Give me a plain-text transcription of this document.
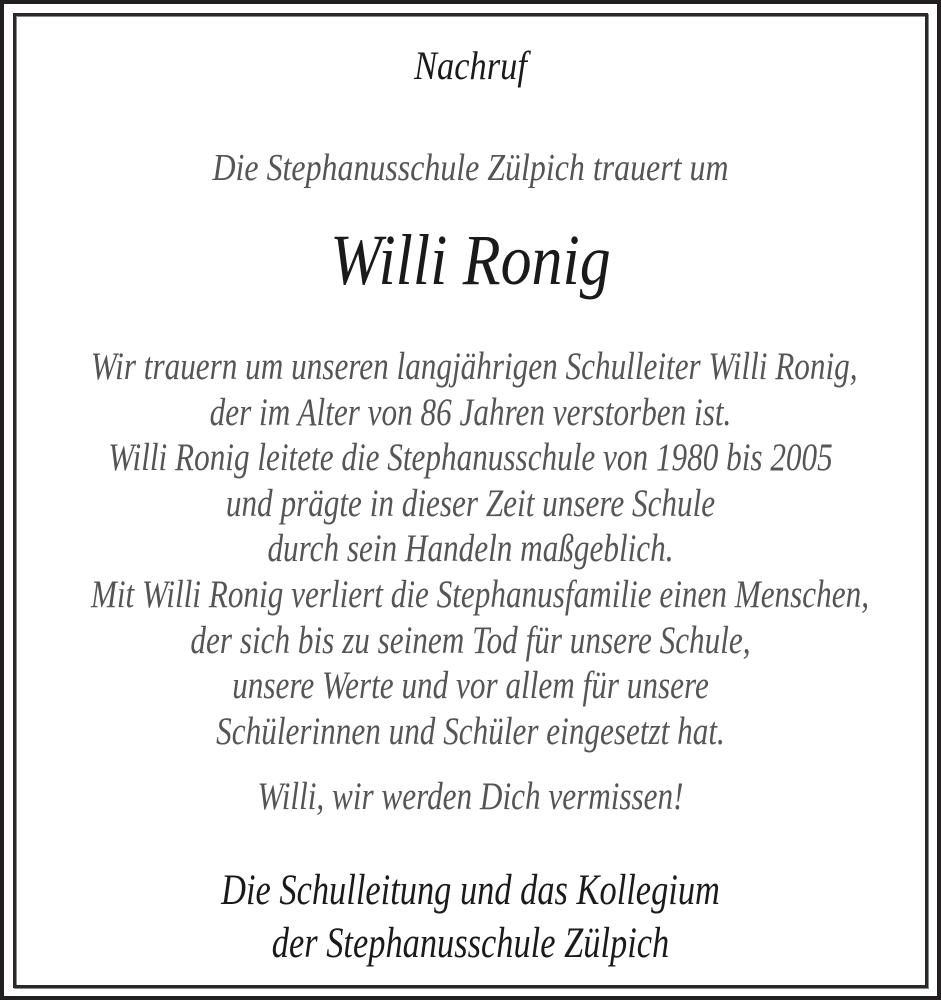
Nachruf
Die Stephanusschule Zülpich trauert um
Willi Ronig
Wir trauern um unseren langjährigen Schulleiter Willi Ronig,
der im Alter von 86 Jahren verstorben ist.
Willi Ronig leitete die Stephanusschule von 1980 bis 2005
und prägte in dieser Zeit unsere Schule
durch sein Handeln maßgeblich.
Mit Willi Ronig verliert die Stephanusfamilie einen Menschen,
der sich bis zu seinem Tod für unsere Schule,
unsere Werte und vor allem für unsere
Schülerinnen und Schüler eingesetzt hat.
Willi, wir werden Dich vermissen!
Die Schulleitung und das Kollegium
der Stephanusschule Zülpich
